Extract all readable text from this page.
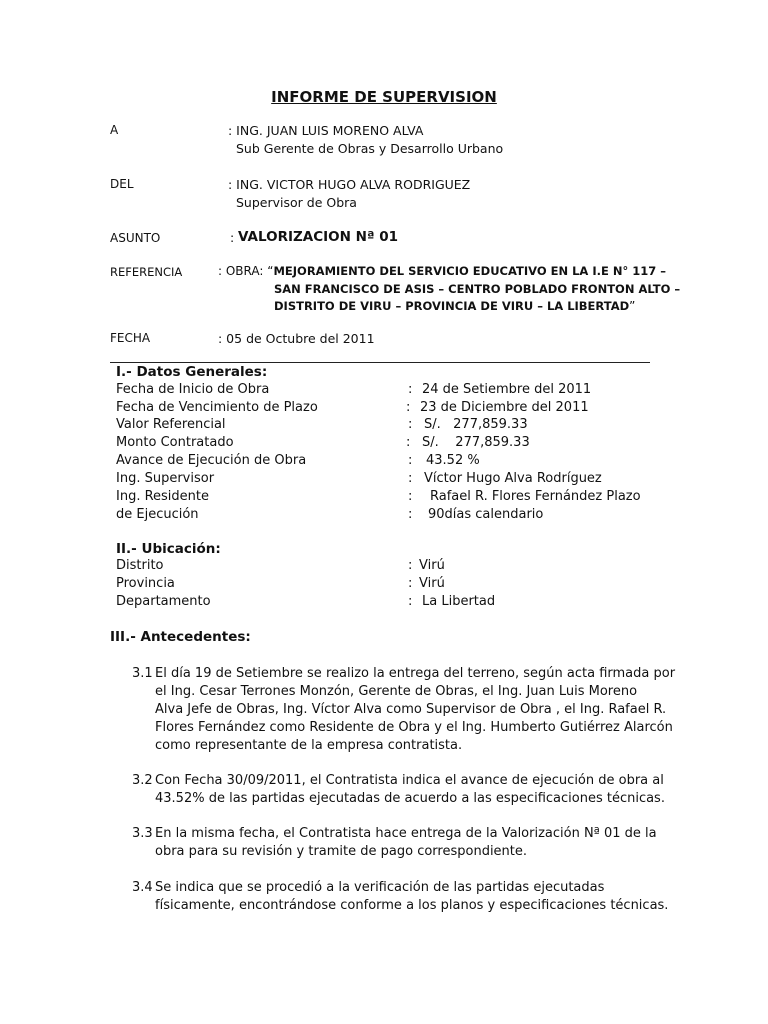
INFORME DE SUPERVISION
A	: ING. JUAN LUIS MORENO ALVA
Sub Gerente de Obras y Desarrollo Urbano
DEL	: ING. VICTOR HUGO ALVA RODRIGUEZ
Supervisor de Obra
ASUNTO	: VALORIZACION Nª 01
REFERENCIA	: OBRA: “MEJORAMIENTO DEL SERVICIO EDUCATIVO EN LA I.E N° 117 –
SAN FRANCISCO DE ASIS – CENTRO POBLADO FRONTON ALTO –
DISTRITO DE VIRU – PROVINCIA DE VIRU – LA LIBERTAD”
FECHA	: 05 de Octubre del 2011
I.- Datos Generales:
Fecha de Inicio de Obra	: 24 de Setiembre del 2011
Fecha de Vencimiento de Plazo	: 23 de Diciembre del 2011
Valor Referencial	: S/.   277,859.33
Monto Contratado	: S/.    277,859.33
Avance de Ejecución de Obra	: 43.52 %
Ing. Supervisor	: Víctor Hugo Alva Rodríguez
Ing. Residente	: Rafael R. Flores Fernández Plazo
de Ejecución	: 90días calendario
II.- Ubicación:
Distrito	: Virú
Provincia	: Virú
Departamento	: La Libertad
III.- Antecedentes:
3.1 El día 19 de Setiembre se realizo la entrega del terreno, según acta firmada por
el Ing. Cesar Terrones Monzón, Gerente de Obras, el Ing. Juan Luis Moreno
Alva Jefe de Obras, Ing. Víctor Alva como Supervisor de Obra , el Ing. Rafael R.
Flores Fernández como Residente de Obra y el Ing. Humberto Gutiérrez Alarcón
como representante de la empresa contratista.
3.2 Con Fecha 30/09/2011, el Contratista indica el avance de ejecución de obra al
43.52% de las partidas ejecutadas de acuerdo a las especificaciones técnicas.
3.3 En la misma fecha, el Contratista hace entrega de la Valorización Nª 01 de la
obra para su revisión y tramite de pago correspondiente.
3.4 Se indica que se procedió a la verificación de las partidas ejecutadas
físicamente, encontrándose conforme a los planos y especificaciones técnicas.
